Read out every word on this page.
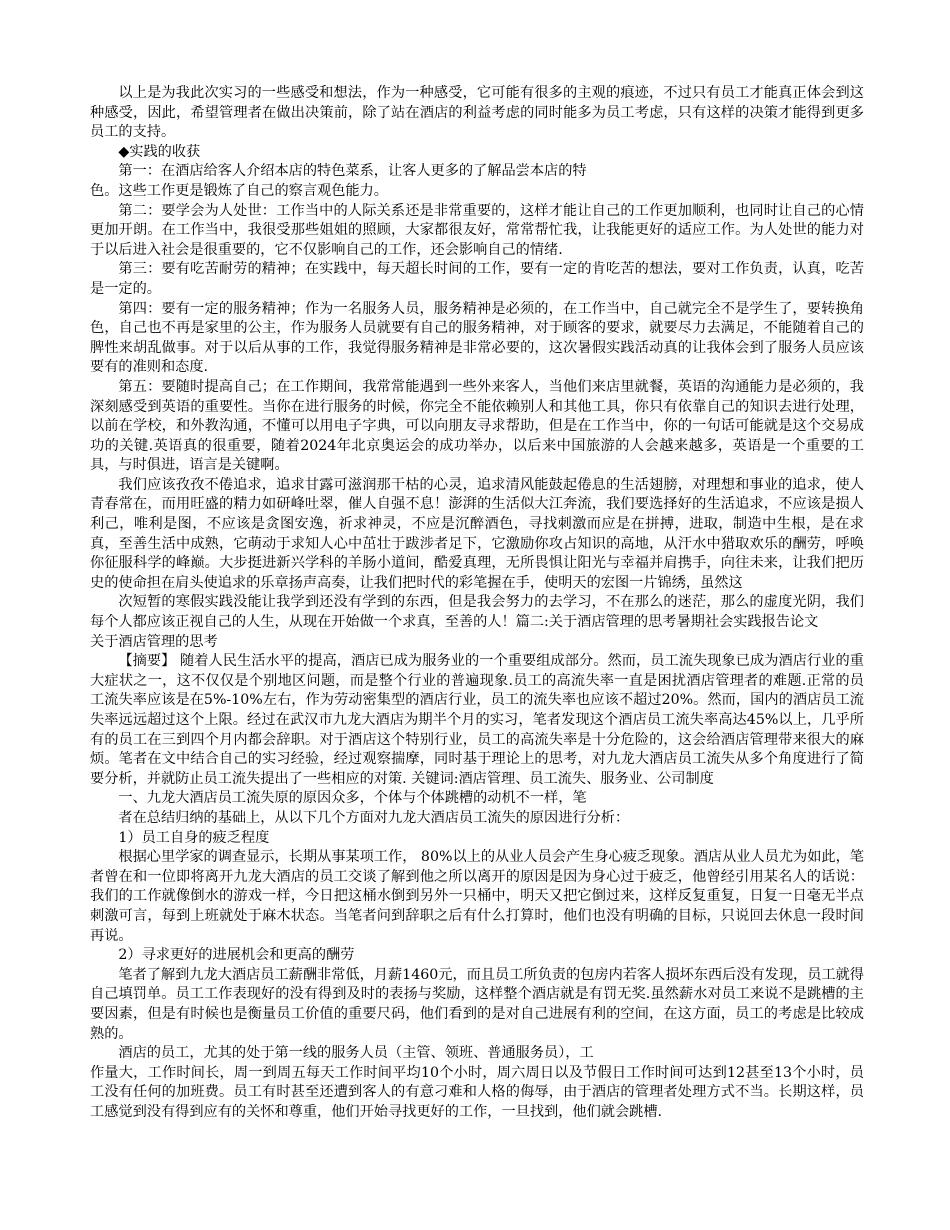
以上是为我此次实习的一些感受和想法，作为一种感受，它可能有很多的主观的痕迹，不过只有员工才能真正体会到这种感受，因此，希望管理者在做出决策前，除了站在酒店的利益考虑的同时能多为员工考虑，只有这样的决策才能得到更多员工的支持。

◆实践的收获

第一：在酒店给客人介绍本店的特色菜系，让客人更多的了解品尝本店的特

色。这些工作更是锻炼了自己的察言观色能力。

第二：要学会为人处世：工作当中的人际关系还是非常重要的，这样才能让自己的工作更加顺利，也同时让自己的心情更加开朗。在工作当中，我很受那些姐姐的照顾，大家都很友好，常常帮忙我，让我能更好的适应工作。为人处世的能力对于以后进入社会是很重要的，它不仅影响自己的工作，还会影响自己的情绪.

第三：要有吃苦耐劳的精神；在实践中，每天超长时间的工作，要有一定的肯吃苦的想法，要对工作负责，认真，吃苦是一定的。

第四：要有一定的服务精神；作为一名服务人员，服务精神是必须的，在工作当中，自己就完全不是学生了，要转换角色，自己也不再是家里的公主，作为服务人员就要有自己的服务精神，对于顾客的要求，就要尽力去满足，不能随着自己的脾性来胡乱做事。对于以后从事的工作，我觉得服务精神是非常必要的，这次暑假实践活动真的让我体会到了服务人员应该要有的准则和态度.

第五：要随时提高自己；在工作期间，我常常能遇到一些外来客人，当他们来店里就餐，英语的沟通能力是必须的，我深刻感受到英语的重要性。当你在进行服务的时候，你完全不能依赖别人和其他工具，你只有依靠自己的知识去进行处理，以前在学校，和外教沟通，不懂可以用电子字典，可以向朋友寻求帮助，但是在工作当中，你的一句话可能就是这个交易成功的关键.英语真的很重要，随着2024年北京奥运会的成功举办，以后来中国旅游的人会越来越多，英语是一个重要的工具，与时俱进，语言是关键啊。

我们应该孜孜不倦追求，追求甘露可滋润那干枯的心灵，追求清风能鼓起倦息的生活翅膀，对理想和事业的追求，使人青春常在，而用旺盛的精力如研峰吐翠，催人自强不息！澎湃的生活似大江奔流，我们要选择好的生活追求，不应该是损人利己，唯利是图，不应该是贪图安逸，祈求神灵，不应是沉醉酒色，寻找刺激而应是在拼搏，进取，制造中生根，是在求真，至善生活中成熟，它萌动于求知人心中茁壮于跋涉者足下，它激励你攻占知识的高地，从汗水中猎取欢乐的酬劳，呼唤你征服科学的峰巅。大步挺进新兴学科的羊肠小道间，酷爱真理，无所畏惧让阳光与幸福并肩携手，向往未来，让我们把历史的使命担在肩头使追求的乐章扬声高奏，让我们把时代的彩笔握在手，使明天的宏图一片锦绣，虽然这

次短暂的寒假实践没能让我学到还没有学到的东西，但是我会努力的去学习，不在那么的迷茫，那么的虚度光阴，我们每个人都应该正视自己的人生，从现在开始做一个求真，至善的人！篇二:关于酒店管理的思考暑期社会实践报告论文

关于酒店管理的思考

【摘要】 随着人民生活水平的提高，酒店已成为服务业的一个重要组成部分。然而，员工流失现象已成为酒店行业的重大症状之一，这不仅仅是个别地区问题，而是整个行业的普遍现象.员工的高流失率一直是困扰酒店管理者的难题.正常的员工流失率应该是在5%-10%左右，作为劳动密集型的酒店行业，员工的流失率也应该不超过20%。然而，国内的酒店员工流失率远远超过这个上限。经过在武汉市九龙大酒店为期半个月的实习，笔者发现这个酒店员工流失率高达45%以上，几乎所有的员工在三到四个月内都会辞职。对于酒店这个特别行业，员工的高流失率是十分危险的，这会给酒店管理带来很大的麻烦。笔者在文中结合自己的实习经验，经过观察揣摩，同时基于理论上的思考，对九龙大酒店员工流失从多个角度进行了简要分析，并就防止员工流失提出了一些相应的对策. 关键词:酒店管理、员工流失、服务业、公司制度

一、九龙大酒店员工流失原的原因众多，个体与个体跳槽的动机不一样，笔

者在总结归纳的基础上，从以下几个方面对九龙大酒店员工流失的原因进行分析：

1）员工自身的疲乏程度

根据心里学家的调查显示，长期从事某项工作， 80%以上的从业人员会产生身心疲乏现象。酒店从业人员尤为如此，笔者曾在和一位即将离开九龙大酒店的员工交谈了解到他之所以离开的原因是因为身心过于疲乏，他曾经引用某名人的话说：我们的工作就像倒水的游戏一样，今日把这桶水倒到另外一只桶中，明天又把它倒过来，这样反复重复，日复一日毫无半点刺激可言，每到上班就处于麻木状态。当笔者问到辞职之后有什么打算时，他们也没有明确的目标，只说回去休息一段时间再说。

2）寻求更好的进展机会和更高的酬劳

笔者了解到九龙大酒店员工薪酬非常低，月薪1460元，而且员工所负责的包房内若客人损坏东西后没有发现，员工就得自己填罚单。员工工作表现好的没有得到及时的表扬与奖励，这样整个酒店就是有罚无奖.虽然薪水对员工来说不是跳槽的主要因素，但是有时候也是衡量员工价值的重要尺码，他们看到的是对自己进展有利的空间，在这方面，员工的考虑是比较成熟的。

酒店的员工，尤其的处于第一线的服务人员（主管、领班、普通服务员），工

作量大，工作时间长，周一到周五每天工作时间平均10个小时，周六周日以及节假日工作时间可达到12甚至13个小时，员工没有任何的加班费。员工有时甚至还遭到客人的有意刁难和人格的侮辱，由于酒店的管理者处理方式不当。长期这样，员工感觉到没有得到应有的关怀和尊重，他们开始寻找更好的工作，一旦找到，他们就会跳槽.
